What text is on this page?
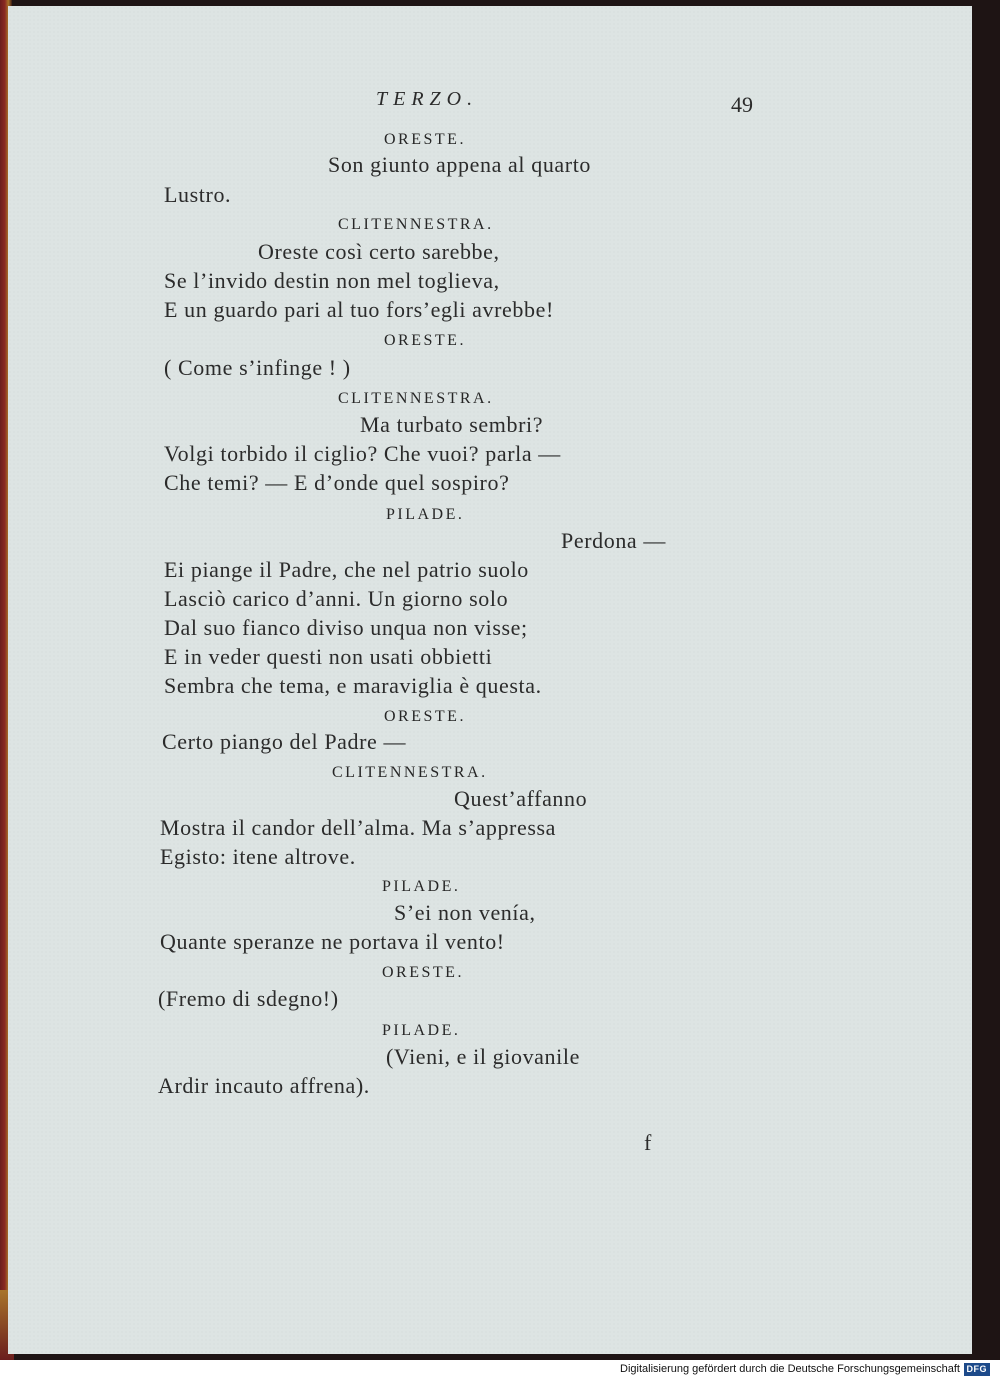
TERZO.	49
ORESTE.
Son giunto appena al quarto
Lustro.
CLITENNESTRA.
Oreste così certo sarebbe,
Se l’invido destin non mel toglieva,
E un guardo pari al tuo fors’egli avrebbe!
ORESTE.
( Come s’infinge ! )
CLITENNESTRA.
Ma turbato sembri?
Volgi torbido il ciglio? Che vuoi? parla —
Che temi? — E d’onde quel sospiro?
PILADE.
Perdona —
Ei piange il Padre, che nel patrio suolo
Lasciò carico d’anni. Un giorno solo
Dal suo fianco diviso unqua non visse;
E in veder questi non usati obbietti
Sembra che tema, e maraviglia è questa.
ORESTE.
Certo piango del Padre —
CLITENNESTRA.
Quest’affanno
Mostra il candor dell’alma. Ma s’appressa
Egisto: itene altrove.
PILADE.
S’ei non venía,
Quante speranze ne portava il vento!
ORESTE.
(Fremo di sdegno!)
PILADE.
(Vieni, e il giovanile
Ardir incauto affrena).
f
Digitalisierung gefördert durch die Deutsche Forschungsgemeinschaft DFG
